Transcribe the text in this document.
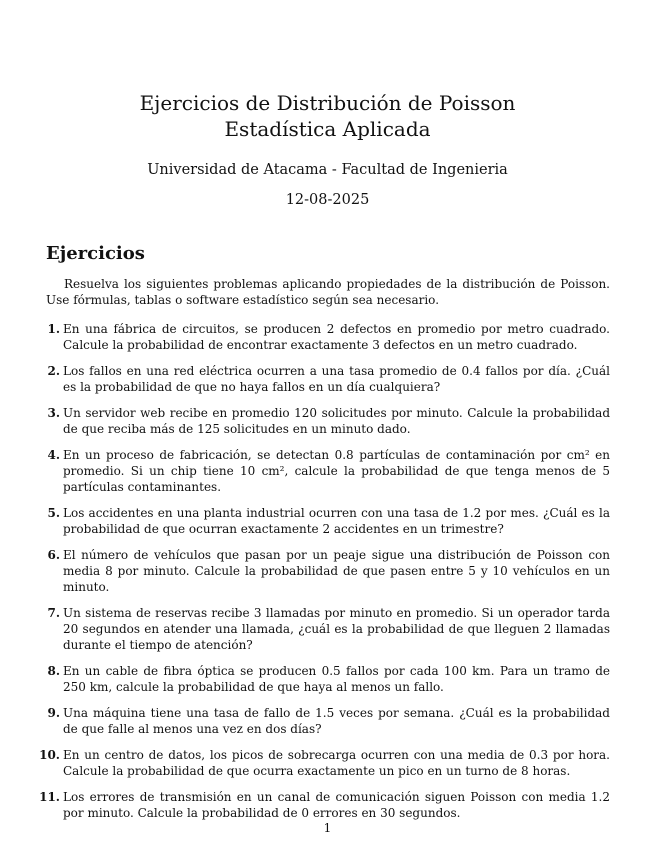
Ejercicios de Distribución de Poisson
Estadística Aplicada
Universidad de Atacama - Facultad de Ingenieria
12-08-2025
Ejercicios

Resuelva los siguientes problemas aplicando propiedades de la distribución de Poisson. Use fórmulas, tablas o software estadístico según sea necesario.

1. En una fábrica de circuitos, se producen 2 defectos en promedio por metro cuadrado. Calcule la probabilidad de encontrar exactamente 3 defectos en un metro cuadrado.
2. Los fallos en una red eléctrica ocurren a una tasa promedio de 0.4 fallos por día. ¿Cuál es la probabilidad de que no haya fallos en un día cualquiera?
3. Un servidor web recibe en promedio 120 solicitudes por minuto. Calcule la probabilidad de que reciba más de 125 solicitudes en un minuto dado.
4. En un proceso de fabricación, se detectan 0.8 partículas de contaminación por cm² en promedio. Si un chip tiene 10 cm², calcule la probabilidad de que tenga menos de 5 partículas contaminantes.
5. Los accidentes en una planta industrial ocurren con una tasa de 1.2 por mes. ¿Cuál es la probabilidad de que ocurran exactamente 2 accidentes en un trimestre?
6. El número de vehículos que pasan por un peaje sigue una distribución de Poisson con media 8 por minuto. Calcule la probabilidad de que pasen entre 5 y 10 vehículos en un minuto.
7. Un sistema de reservas recibe 3 llamadas por minuto en promedio. Si un operador tarda 20 segundos en atender una llamada, ¿cuál es la probabilidad de que lleguen 2 llamadas durante el tiempo de atención?
8. En un cable de fibra óptica se producen 0.5 fallos por cada 100 km. Para un tramo de 250 km, calcule la probabilidad de que haya al menos un fallo.
9. Una máquina tiene una tasa de fallo de 1.5 veces por semana. ¿Cuál es la probabilidad de que falle al menos una vez en dos días?
10. En un centro de datos, los picos de sobrecarga ocurren con una media de 0.3 por hora. Calcule la probabilidad de que ocurra exactamente un pico en un turno de 8 horas.
11. Los errores de transmisión en un canal de comunicación siguen Poisson con media 1.2 por minuto. Calcule la probabilidad de 0 errores en 30 segundos.
1
